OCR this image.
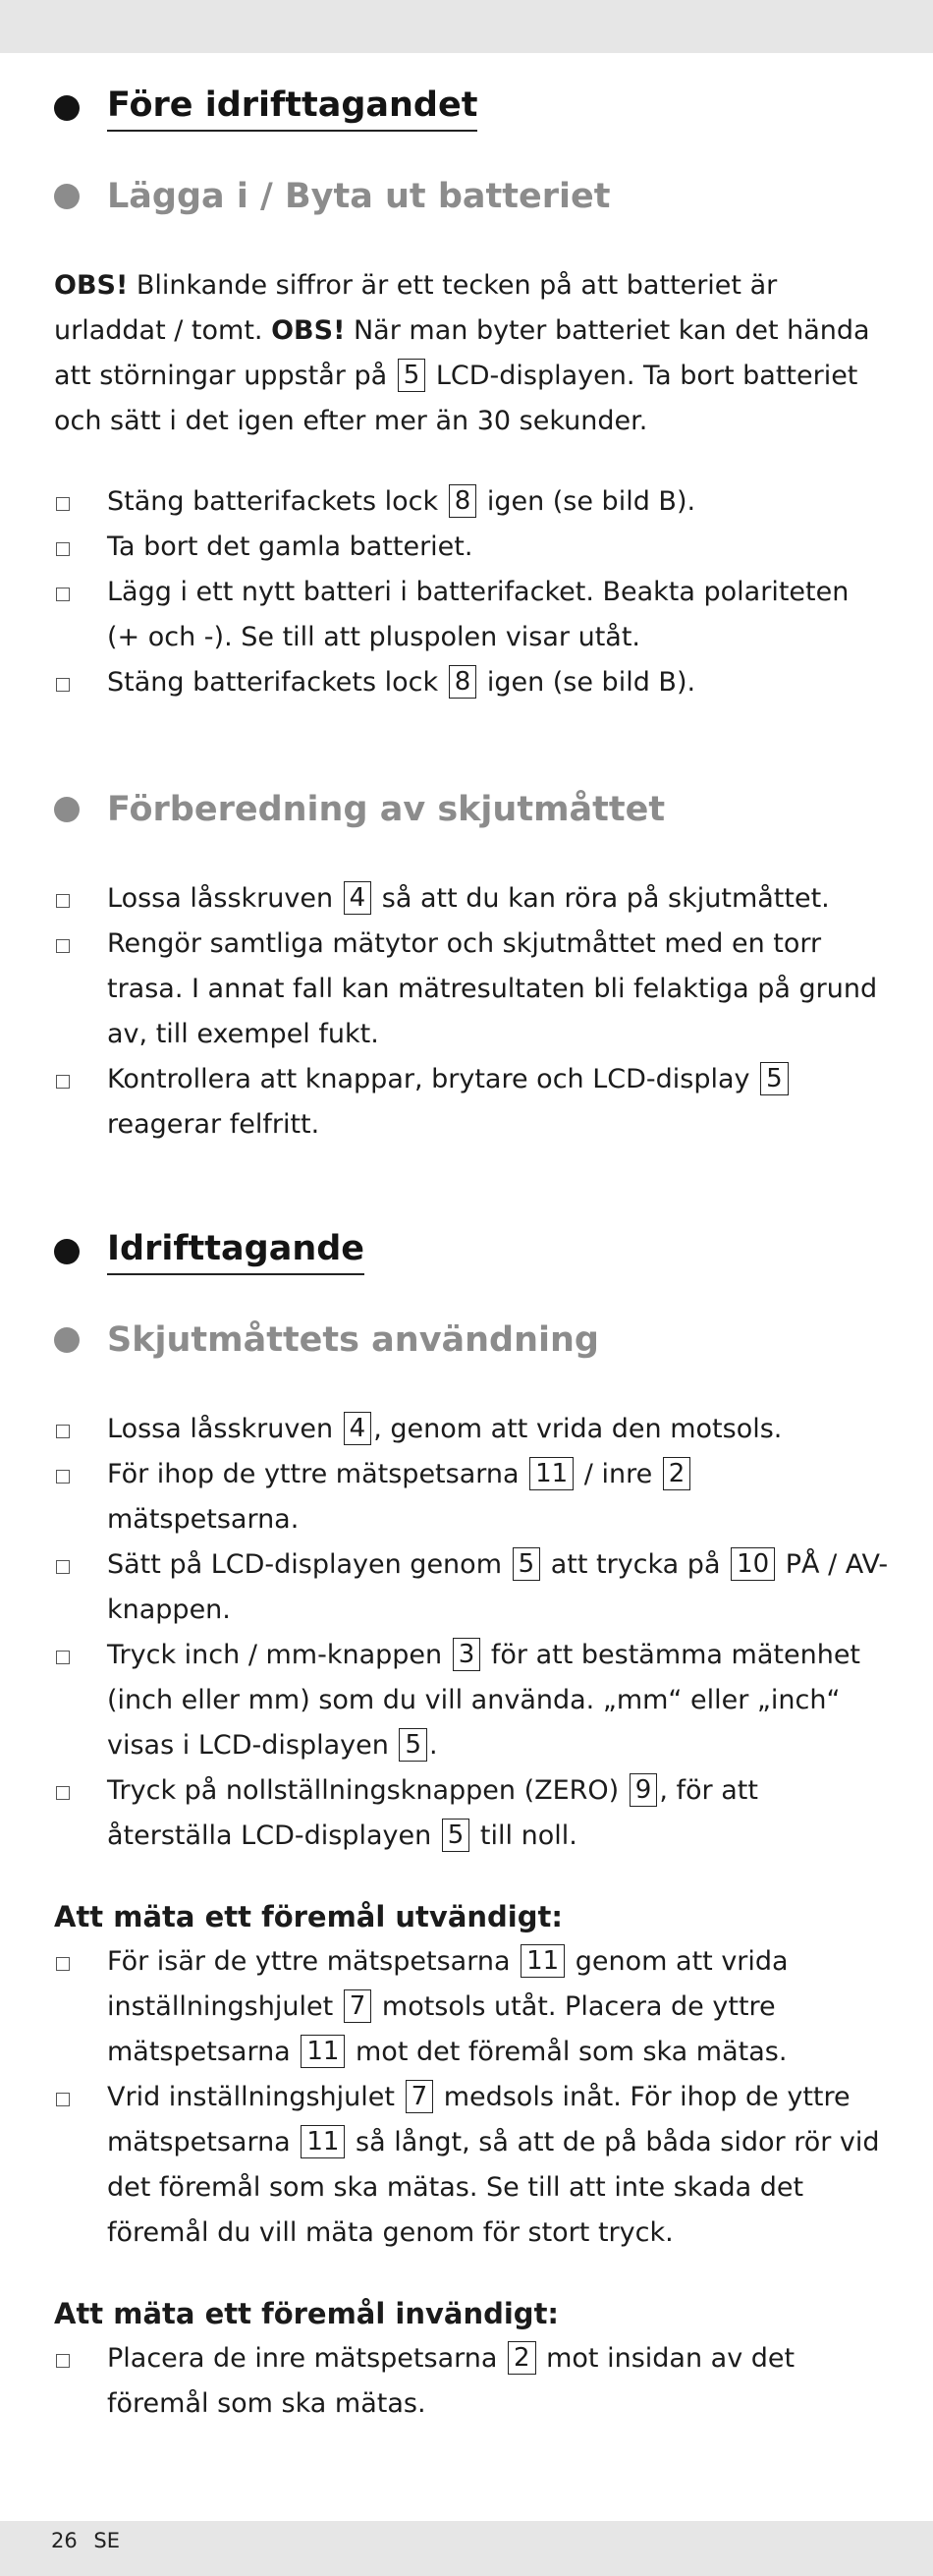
Före idrifttagandet
Lägga i / Byta ut batteriet
OBS! Blinkande siffror är ett tecken på att batteriet är urladdat / tomt. OBS! När man byter batteriet kan det hända att störningar uppstår på 5 LCD-displayen. Ta bort batteriet och sätt i det igen efter mer än 30 sekunder.
Stäng batterifackets lock 8 igen (se bild B).
Ta bort det gamla batteriet.
Lägg i ett nytt batteri i batterifacket. Beakta polariteten (+ och -). Se till att pluspolen visar utåt.
Stäng batterifackets lock 8 igen (se bild B).
Förberedning av skjutmåttet
Lossa låsskruven 4 så att du kan röra på skjutmåttet.
Rengör samtliga mätytor och skjutmåttet med en torr trasa. I annat fall kan mätresultaten bli felaktiga på grund av, till exempel fukt.
Kontrollera att knappar, brytare och LCD-display 5 reagerar felfritt.
Idrifttagande
Skjutmåttets användning
Lossa låsskruven 4 , genom att vrida den motsols.
För ihop de yttre mätspetsarna 11 / inre 2 mätspetsarna.
Sätt på LCD-displayen genom 5 att trycka på 10 PÅ / AV-knappen.
Tryck inch / mm-knappen 3 för att bestämma mätenhet (inch eller mm) som du vill använda. „mm“ eller „inch“ visas i LCD-displayen 5 .
Tryck på nollställningsknappen (ZERO) 9 , för att återställa LCD-displayen 5 till noll.
Att mäta ett föremål utvändigt:
För isär de yttre mätspetsarna 11 genom att vrida inställningshjulet 7 motsols utåt. Placera de yttre mätspetsarna 11 mot det föremål som ska mätas.
Vrid inställningshjulet 7 medsols inåt. För ihop de yttre mätspetsarna 11 så långt, så att de på båda sidor rör vid det föremål som ska mätas. Se till att inte skada det föremål du vill mäta genom för stort tryck.
Att mäta ett föremål invändigt:
Placera de inre mätspetsarna 2 mot insidan av det föremål som ska mätas.
26 SE
